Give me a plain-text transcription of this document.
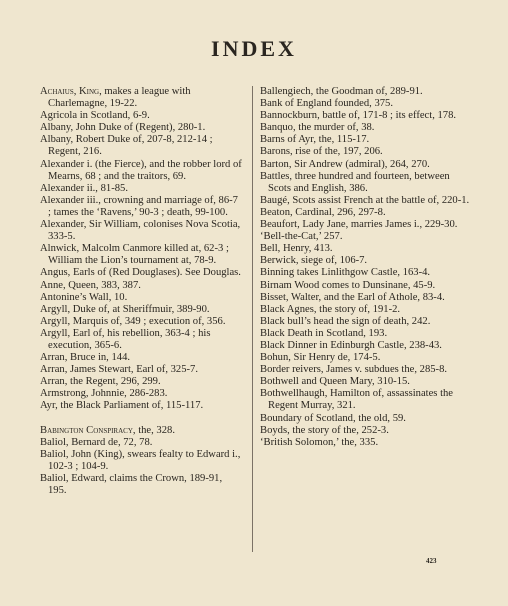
INDEX
Achaius, King, makes a league with Charlemagne, 19-22.
Agricola in Scotland, 6-9.
Albany, John Duke of (Regent), 280-1.
Albany, Robert Duke of, 207-8, 212-14 ; Regent, 216.
Alexander i. (the Fierce), and the robber lord of Mearns, 68 ; and the traitors, 69.
Alexander ii., 81-85.
Alexander iii., crowning and marriage of, 86-7 ; tames the ‘Ravens,’ 90-3 ; death, 99-100.
Alexander, Sir William, colonises Nova Scotia, 333-5.
Alnwick, Malcolm Canmore killed at, 62-3 ; William the Lion’s tournament at, 78-9.
Angus, Earls of (Red Douglases). See Douglas.
Anne, Queen, 383, 387.
Antonine’s Wall, 10.
Argyll, Duke of, at Sheriffmuir, 389-90.
Argyll, Marquis of, 349 ; execution of, 356.
Argyll, Earl of, his rebellion, 363-4 ; his execution, 365-6.
Arran, Bruce in, 144.
Arran, James Stewart, Earl of, 325-7.
Arran, the Regent, 296, 299.
Armstrong, Johnnie, 286-283.
Ayr, the Black Parliament of, 115-117.
Babington Conspiracy, the, 328.
Baliol, Bernard de, 72, 78.
Baliol, John (King), swears fealty to Edward i., 102-3 ; 104-9.
Baliol, Edward, claims the Crown, 189-91, 195.
Ballengiech, the Goodman of, 289-91.
Bank of England founded, 375.
Bannockburn, battle of, 171-8 ; its effect, 178.
Banquo, the murder of, 38.
Barns of Ayr, the, 115-17.
Barons, rise of the, 197, 206.
Barton, Sir Andrew (admiral), 264, 270.
Battles, three hundred and fourteen, between Scots and English, 386.
Baugé, Scots assist French at the battle of, 220-1.
Beaton, Cardinal, 296, 297-8.
Beaufort, Lady Jane, marries James i., 229-30.
‘Bell-the-Cat,’ 257.
Bell, Henry, 413.
Berwick, siege of, 106-7.
Binning takes Linlithgow Castle, 163-4.
Birnam Wood comes to Dunsinane, 45-9.
Bisset, Walter, and the Earl of Athole, 83-4.
Black Agnes, the story of, 191-2.
Black bull’s head the sign of death, 242.
Black Death in Scotland, 193.
Black Dinner in Edinburgh Castle, 238-43.
Bohun, Sir Henry de, 174-5.
Border reivers, James v. subdues the, 285-8.
Bothwell and Queen Mary, 310-15.
Bothwellhaugh, Hamilton of, assassinates the Regent Murray, 321.
Boundary of Scotland, the old, 59.
Boyds, the story of the, 252-3.
‘British Solomon,’ the, 335.
423
